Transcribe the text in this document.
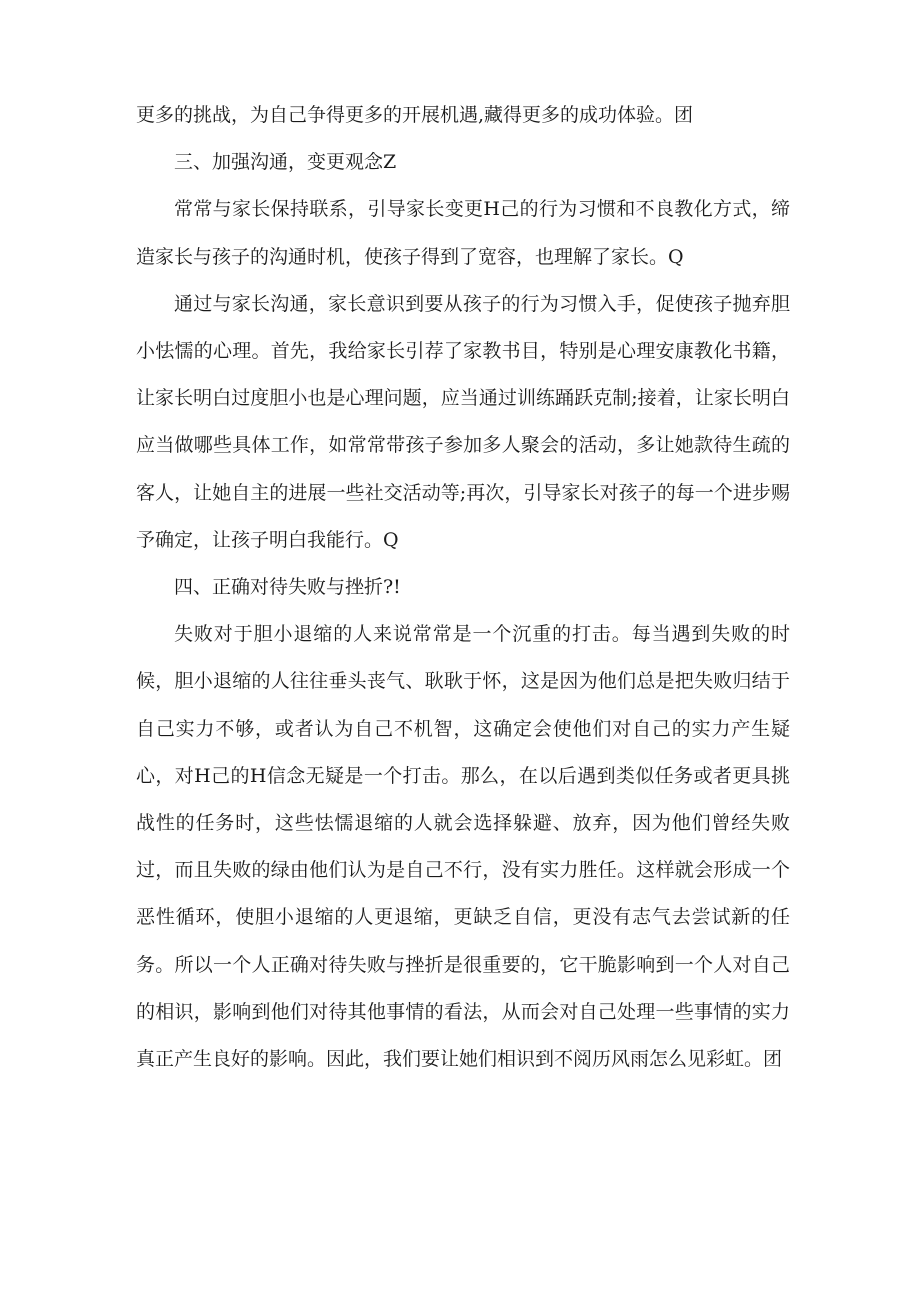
更多的挑战，为自己争得更多的开展机遇,藏得更多的成功体验。团

三、加强沟通，变更观念Z

常常与家长保持联系，引导家长变更H己的行为习惯和不良教化方式，缔造家长与孩子的沟通时机，使孩子得到了宽容，也理解了家长。Q

通过与家长沟通，家长意识到要从孩子的行为习惯入手，促使孩子抛弃胆小怯懦的心理。首先，我给家长引荐了家教书目，特别是心理安康教化书籍，让家长明白过度胆小也是心理问题，应当通过训练踊跃克制;接着，让家长明白应当做哪些具体工作，如常常带孩子参加多人聚会的活动，多让她款待生疏的客人，让她自主的进展一些社交活动等;再次，引导家长对孩子的每一个进步赐予确定，让孩子明白我能行。Q

四、正确对待失败与挫折?!

失败对于胆小退缩的人来说常常是一个沉重的打击。每当遇到失败的时候，胆小退缩的人往往垂头丧气、耿耿于怀，这是因为他们总是把失败归结于自己实力不够，或者认为自己不机智，这确定会使他们对自己的实力产生疑心，对H己的H信念无疑是一个打击。那么，在以后遇到类似任务或者更具挑战性的任务时，这些怯懦退缩的人就会选择躲避、放弃，因为他们曾经失败过，而且失败的绿由他们认为是自己不行，没有实力胜任。这样就会形成一个恶性循环，使胆小退缩的人更退缩，更缺乏自信，更没有志气去尝试新的任务。所以一个人正确对待失败与挫折是很重要的，它干脆影响到一个人对自己的相识，影响到他们对待其他事情的看法，从而会对自己处理一些事情的实力真正产生良好的影响。因此，我们要让她们相识到不阅历风雨怎么见彩虹。团
